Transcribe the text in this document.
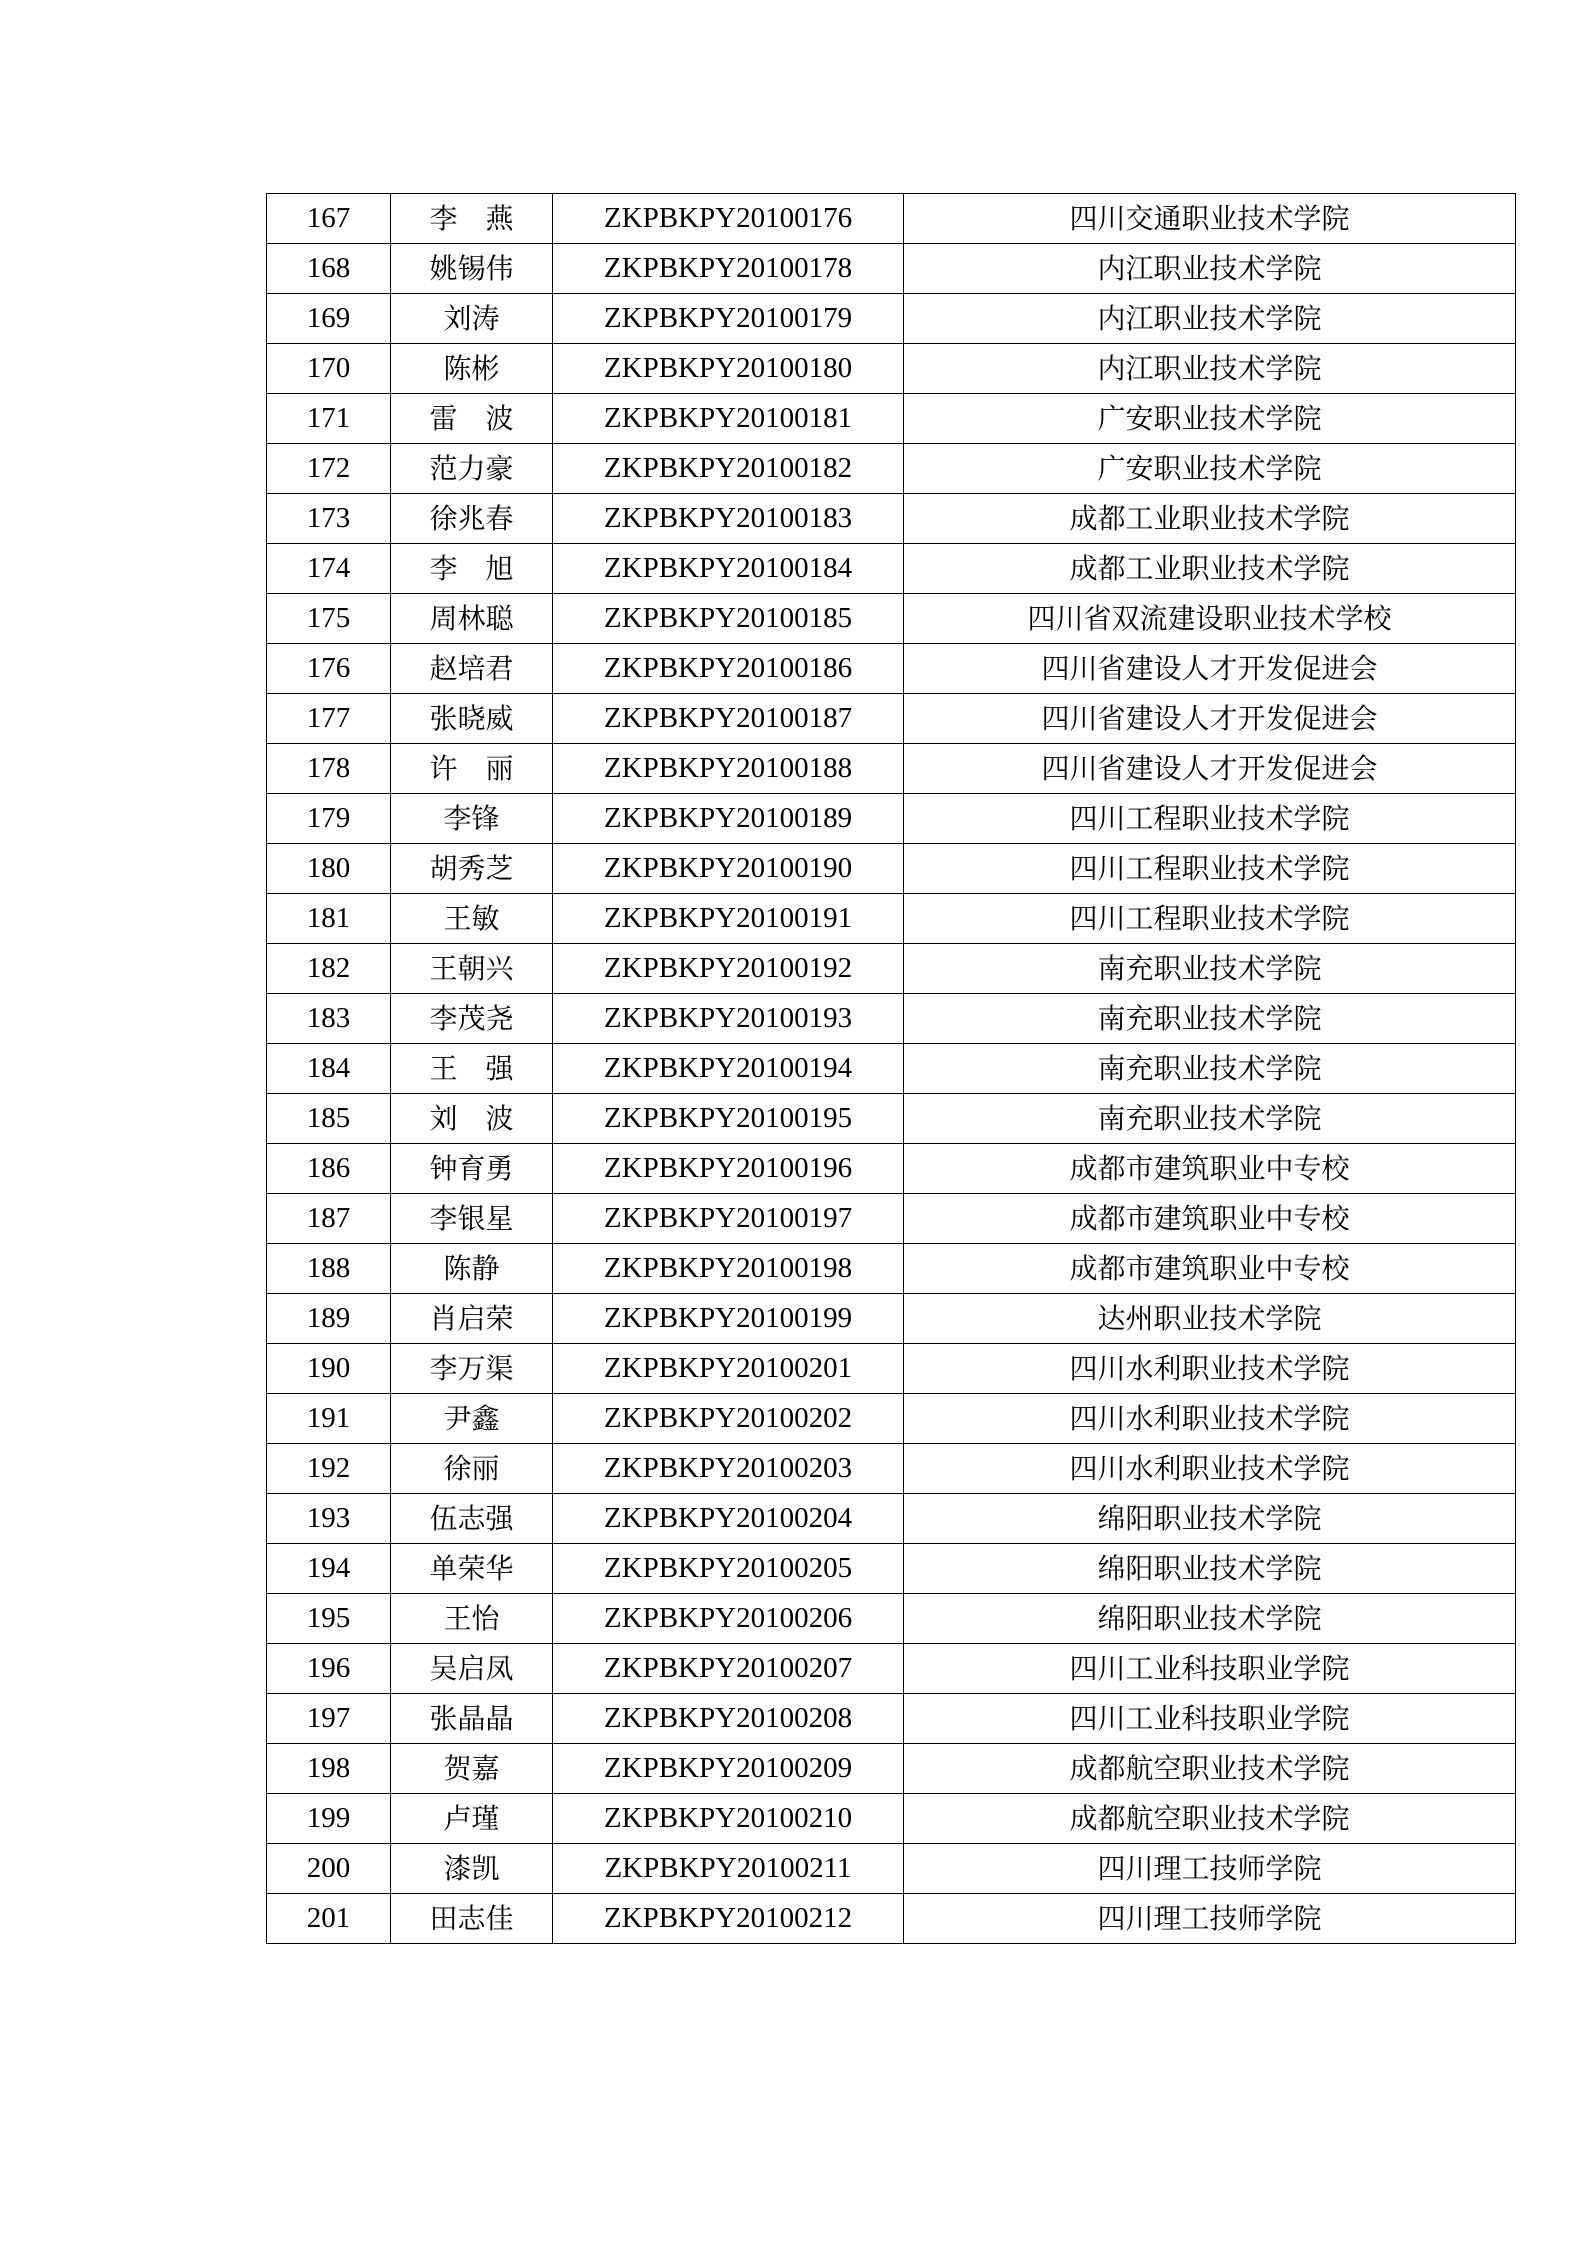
167	李　燕	ZKPBKPY20100176	四川交通职业技术学院
168	姚锡伟	ZKPBKPY20100178	内江职业技术学院
169	刘涛	ZKPBKPY20100179	内江职业技术学院
170	陈彬	ZKPBKPY20100180	内江职业技术学院
171	雷　波	ZKPBKPY20100181	广安职业技术学院
172	范力豪	ZKPBKPY20100182	广安职业技术学院
173	徐兆春	ZKPBKPY20100183	成都工业职业技术学院
174	李　旭	ZKPBKPY20100184	成都工业职业技术学院
175	周林聪	ZKPBKPY20100185	四川省双流建设职业技术学校
176	赵培君	ZKPBKPY20100186	四川省建设人才开发促进会
177	张晓威	ZKPBKPY20100187	四川省建设人才开发促进会
178	许　丽	ZKPBKPY20100188	四川省建设人才开发促进会
179	李锋	ZKPBKPY20100189	四川工程职业技术学院
180	胡秀芝	ZKPBKPY20100190	四川工程职业技术学院
181	王敏	ZKPBKPY20100191	四川工程职业技术学院
182	王朝兴	ZKPBKPY20100192	南充职业技术学院
183	李茂尧	ZKPBKPY20100193	南充职业技术学院
184	王　强	ZKPBKPY20100194	南充职业技术学院
185	刘　波	ZKPBKPY20100195	南充职业技术学院
186	钟育勇	ZKPBKPY20100196	成都市建筑职业中专校
187	李银星	ZKPBKPY20100197	成都市建筑职业中专校
188	陈静	ZKPBKPY20100198	成都市建筑职业中专校
189	肖启荣	ZKPBKPY20100199	达州职业技术学院
190	李万渠	ZKPBKPY20100201	四川水利职业技术学院
191	尹鑫	ZKPBKPY20100202	四川水利职业技术学院
192	徐丽	ZKPBKPY20100203	四川水利职业技术学院
193	伍志强	ZKPBKPY20100204	绵阳职业技术学院
194	单荣华	ZKPBKPY20100205	绵阳职业技术学院
195	王怡	ZKPBKPY20100206	绵阳职业技术学院
196	吴启凤	ZKPBKPY20100207	四川工业科技职业学院
197	张晶晶	ZKPBKPY20100208	四川工业科技职业学院
198	贺嘉	ZKPBKPY20100209	成都航空职业技术学院
199	卢瑾	ZKPBKPY20100210	成都航空职业技术学院
200	漆凯	ZKPBKPY20100211	四川理工技师学院
201	田志佳	ZKPBKPY20100212	四川理工技师学院
